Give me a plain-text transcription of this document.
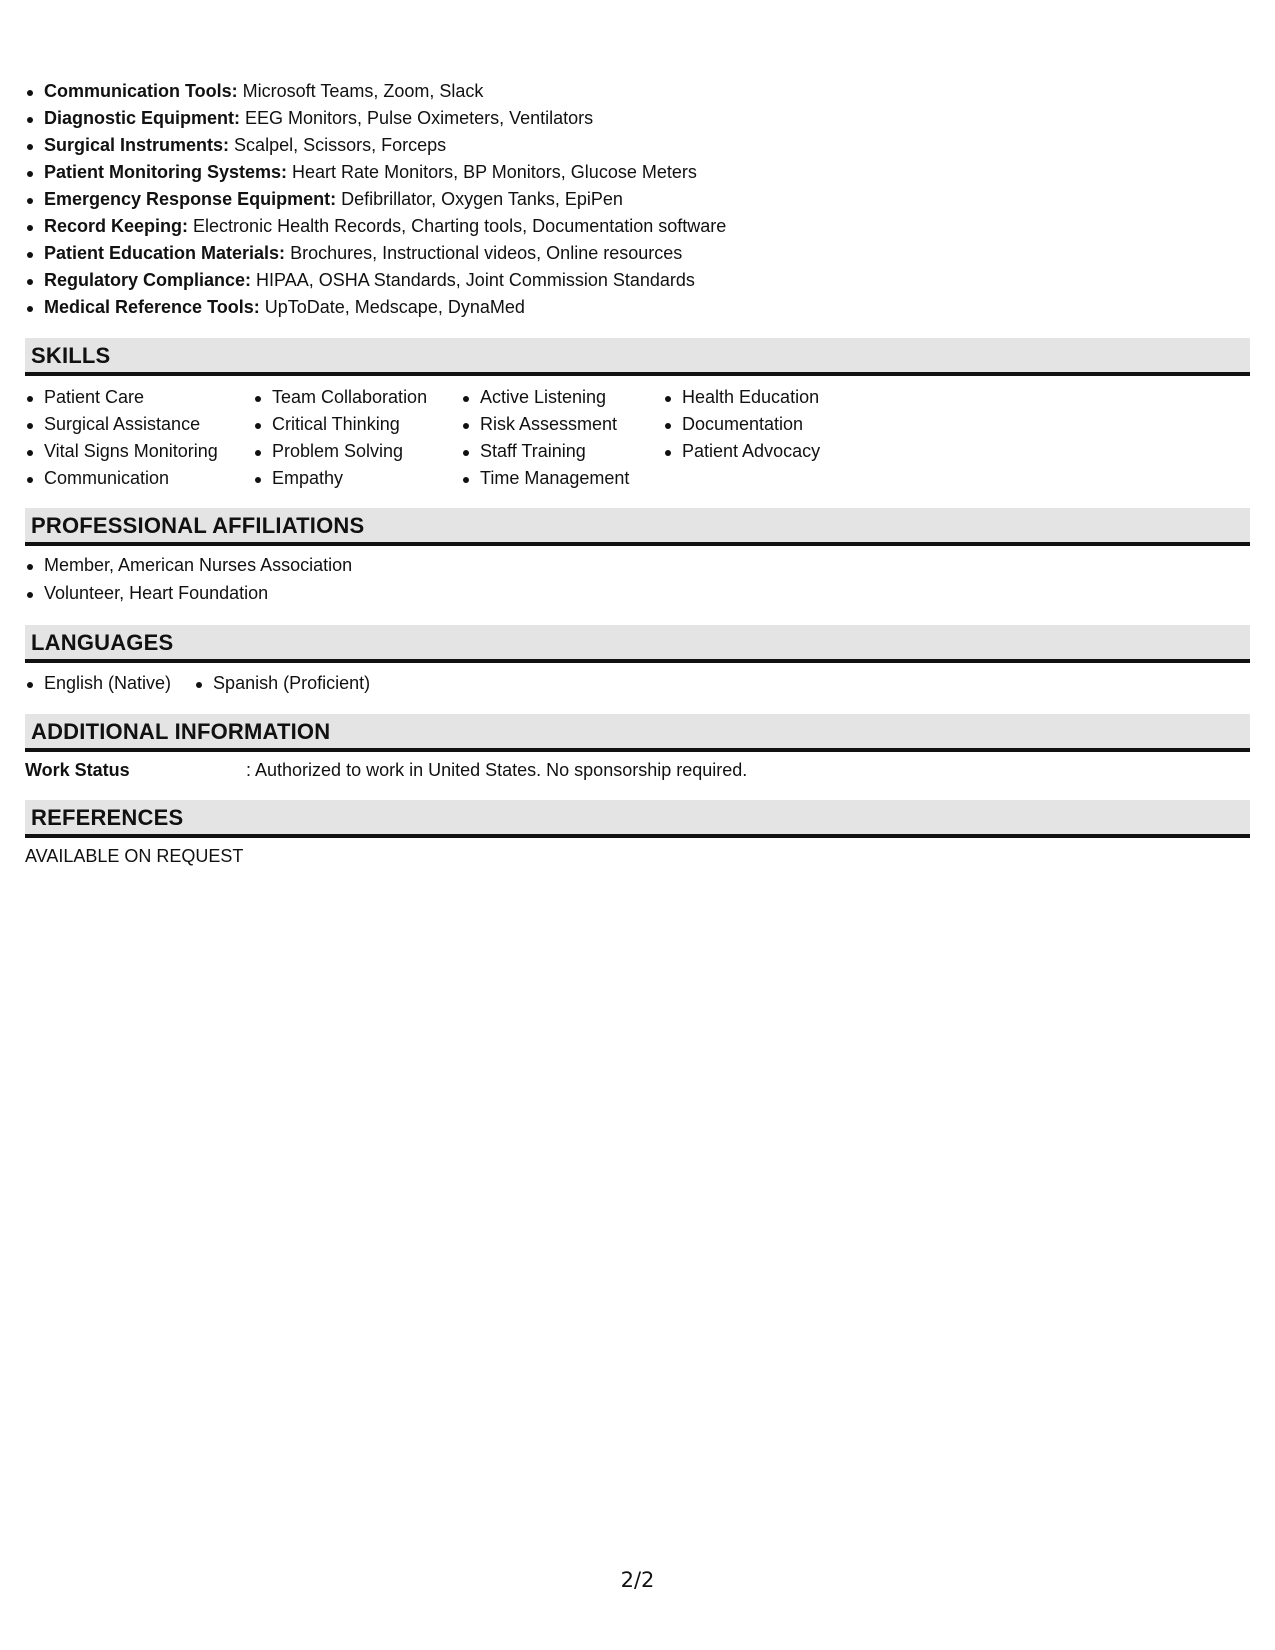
Communication Tools: Microsoft Teams, Zoom, Slack
Diagnostic Equipment: EEG Monitors, Pulse Oximeters, Ventilators
Surgical Instruments: Scalpel, Scissors, Forceps
Patient Monitoring Systems: Heart Rate Monitors, BP Monitors, Glucose Meters
Emergency Response Equipment: Defibrillator, Oxygen Tanks, EpiPen
Record Keeping: Electronic Health Records, Charting tools, Documentation software
Patient Education Materials: Brochures, Instructional videos, Online resources
Regulatory Compliance: HIPAA, OSHA Standards, Joint Commission Standards
Medical Reference Tools: UpToDate, Medscape, DynaMed
SKILLS
Patient Care
Surgical Assistance
Vital Signs Monitoring
Communication
Team Collaboration
Critical Thinking
Problem Solving
Empathy
Active Listening
Risk Assessment
Staff Training
Time Management
Health Education
Documentation
Patient Advocacy
PROFESSIONAL AFFILIATIONS
Member, American Nurses Association
Volunteer, Heart Foundation
LANGUAGES
English (Native)	Spanish (Proficient)
ADDITIONAL INFORMATION
Work Status	: Authorized to work in United States. No sponsorship required.
REFERENCES
AVAILABLE ON REQUEST
2/2
